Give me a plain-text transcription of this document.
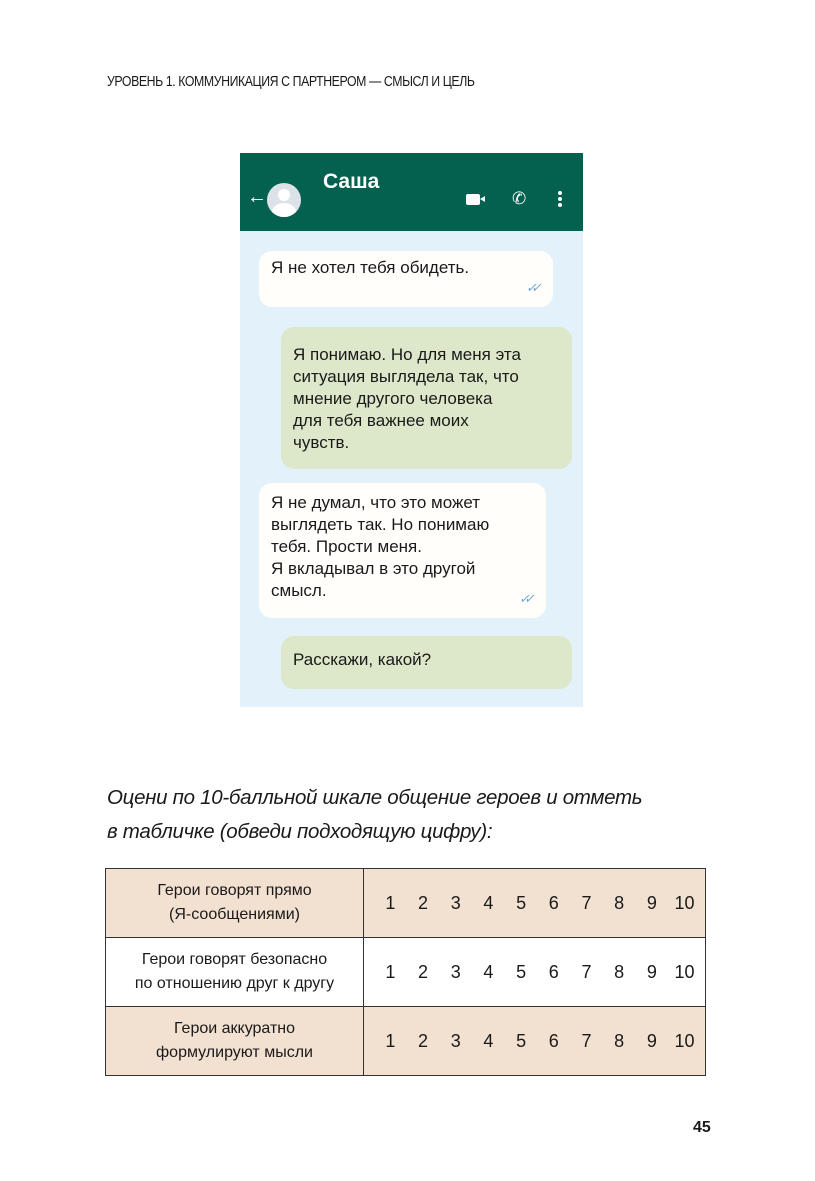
УРОВЕНЬ 1. КОММУНИКАЦИЯ С ПАРТНЕРОМ — СМЫСЛ И ЦЕЛЬ
←
Саша
✆
Я не хотел тебя обидеть.
✓✓
Я понимаю. Но для меня эта
ситуация выглядела так, что
мнение другого человека
для тебя важнее моих
чувств.
Я не думал, что это может
выглядеть так. Но понимаю
тебя. Прости меня.
Я вкладывал в это другой
смысл.	✓✓
Расскажи, какой?
Оцени по 10-балльной шкале общение героев и отметь
в табличке (обведи подходящую цифру):
Герои говорят прямо
(Я-сообщениями)	1 2 3 4 5 6 7 8 9 10

Герои говорят безопасно
по отношению друг к другу	1 2 3 4 5 6 7 8 9 10

Герои аккуратно
формулируют мысли	1 2 3 4 5 6 7 8 9 10
45
